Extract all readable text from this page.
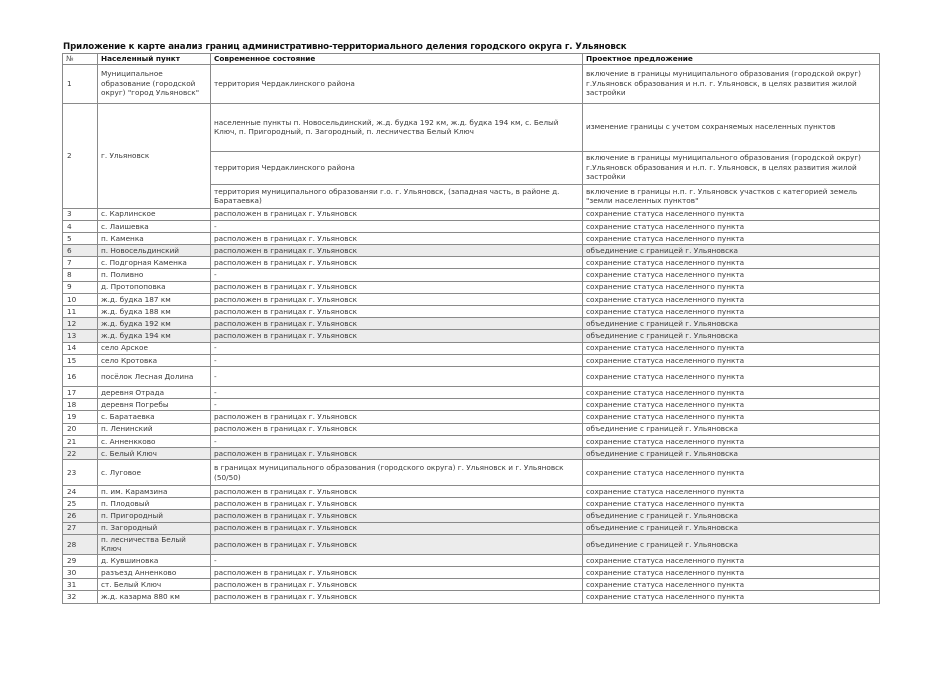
Приложение к карте анализ границ административно-территориального деления городского округа г. Ульяновск
№	Населенный пункт	Современное состояние	Проектное предложение
1	Муниципальное образование (городской округ) "город Ульяновск"	территория Чердаклинского района	включение в границы муниципального образования (городской округ) г.Ульяновск образования и н.п. г. Ульяновск, в целях развития жилой застройки
2	г. Ульяновск	населенные пункты п. Новосельдинский, ж.д. будка 192 км, ж.д. будка 194 км, с. Белый Ключ, п. Пригородный, п. Загородный, п. лесничества Белый Ключ	изменение границы с учетом сохраняемых населенных пунктов
		территория Чердаклинского района	включение в границы муниципального образования (городской округ) г.Ульяновск образования и н.п. г. Ульяновск, в целях развития жилой застройки
		территория муниципального образованяи г.о. г. Ульяновск, (западная часть, в районе д. Баратаевка)	включение в границы н.п. г. Ульяновск участков с категорией земель "земли населенных пунктов"
3	с. Карлинское	расположен в границах г. Ульяновск	сохранение статуса населенного пункта
4	с. Лаишевка	-	сохранение статуса населенного пункта
5	п. Каменка	расположен в границах г. Ульяновск	сохранение статуса населенного пункта
6	п. Новосельдинский	расположен в границах г. Ульяновск	объединение с границей г. Ульяновска
7	с. Подгорная Каменка	расположен в границах г. Ульяновск	сохранение статуса населенного пункта
8	п. Поливно	-	сохранение статуса населенного пункта
9	д. Протопоповка	расположен в границах г. Ульяновск	сохранение статуса населенного пункта
10	ж.д. будка 187 км	расположен в границах г. Ульяновск	сохранение статуса населенного пункта
11	ж.д. будка 188 км	расположен в границах г. Ульяновск	сохранение статуса населенного пункта
12	ж.д. будка 192 км	расположен в границах г. Ульяновск	объединение с границей г. Ульяновска
13	ж.д. будка 194 км	расположен в границах г. Ульяновск	объединение с границей г. Ульяновска
14	село Арское	-	сохранение статуса населенного пункта
15	село Кротовка	-	сохранение статуса населенного пункта
16	посёлок Лесная Долина	-	сохранение статуса населенного пункта
17	деревня Отрада	-	сохранение статуса населенного пункта
18	деревня Погребы	-	сохранение статуса населенного пункта
19	с. Баратаевка	расположен в границах г. Ульяновск	сохранение статуса населенного пункта
20	п. Ленинский	расположен в границах г. Ульяновск	объединение с границей г. Ульяновска
21	с. Анненкково	-	сохранение статуса населенного пункта
22	с. Белый Ключ	расположен в границах г. Ульяновск	объединение с границей г. Ульяновска
23	с. Луговое	в границах муниципального образования (городского округа) г. Ульяновск и г. Ульяновск (50/50)	сохранение статуса населенного пункта
24	п. им. Карамзина	расположен в границах г. Ульяновск	сохранение статуса населенного пункта
25	п. Плодовый	расположен в границах г. Ульяновск	сохранение статуса населенного пункта
26	п. Пригородный	расположен в границах г. Ульяновск	объединение с границей г. Ульяновска
27	п. Загородный	расположен в границах г. Ульяновск	объединение с границей г. Ульяновска
28	п. лесничества Белый Ключ	расположен в границах г. Ульяновск	объединение с границей г. Ульяновска
29	д. Кувшиновка	-	сохранение статуса населенного пункта
30	разъезд Анненково	расположен в границах г. Ульяновск	сохранение статуса населенного пункта
31	ст. Белый Ключ	расположен в границах г. Ульяновск	сохранение статуса населенного пункта
32	ж.д. казарма 880 км	расположен в границах г. Ульяновск	сохранение статуса населенного пункта
